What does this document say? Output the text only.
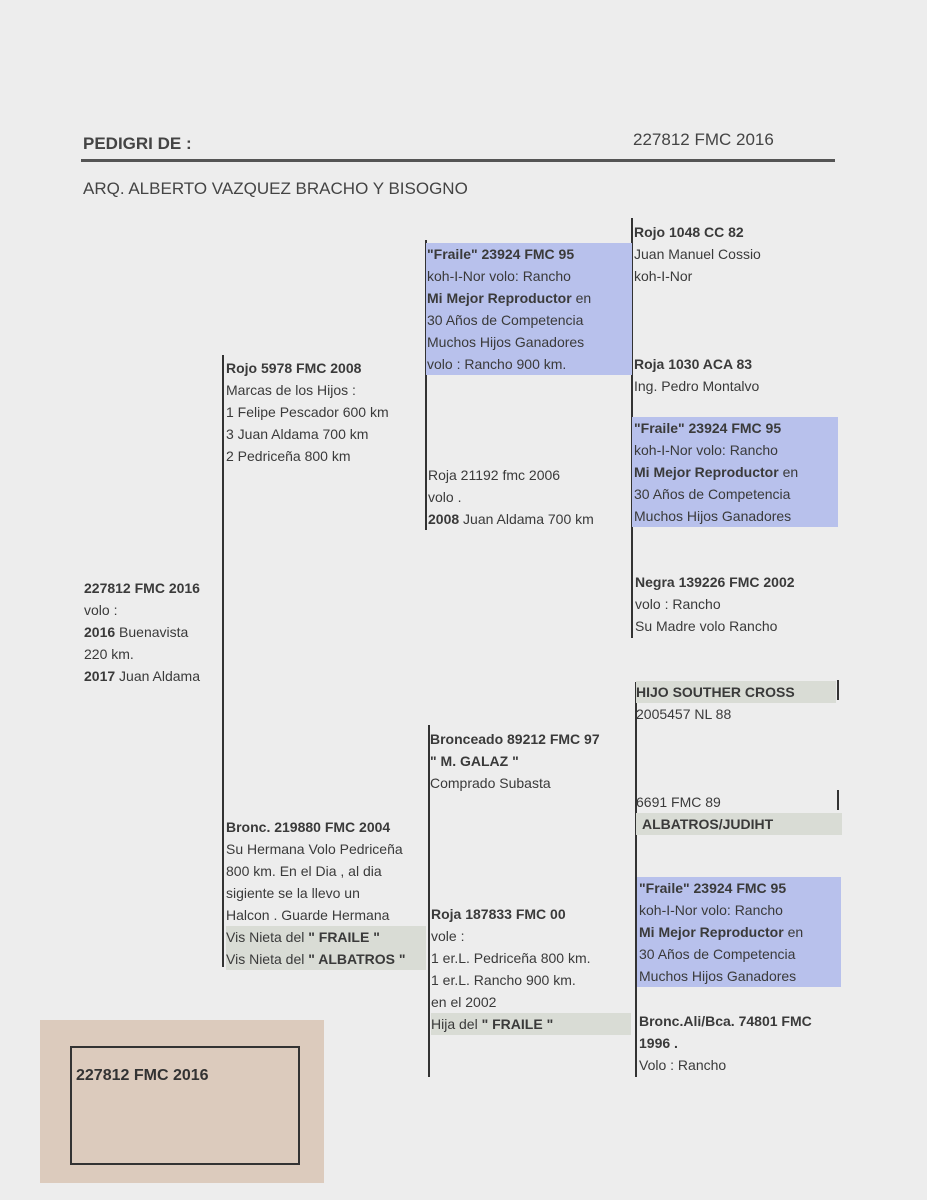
PEDIGRI DE :	227812 FMC 2016
ARQ. ALBERTO VAZQUEZ BRACHO Y BISOGNO
227812 FMC 2016
volo :
2016 Buenavista
220 km.
2017 Juan Aldama
Rojo 5978 FMC 2008
Marcas de los Hijos :
1 Felipe Pescador 600 km
3 Juan Aldama 700 km
2 Pedriceña 800 km
Bronc. 219880 FMC 2004
Su Hermana Volo Pedriceña
800 km. En el Dia , al dia
sigiente se la llevo un
Halcon . Guarde Hermana
Vis Nieta del " FRAILE "
Vis Nieta del " ALBATROS "
"Fraile" 23924 FMC 95
koh-I-Nor volo: Rancho
Mi Mejor Reproductor en
30 Años de Competencia
Muchos Hijos Ganadores
volo : Rancho 900 km.
Roja 21192 fmc 2006
volo .
2008 Juan Aldama 700 km
Bronceado 89212 FMC 97
" M. GALAZ "
Comprado Subasta
Roja 187833 FMC 00
vole :
1 er.L. Pedriceña 800 km.
1 er.L. Rancho 900 km.
en el 2002
Hija del " FRAILE "
Rojo 1048 CC 82
Juan Manuel Cossio
koh-I-Nor
Roja 1030 ACA 83
Ing. Pedro Montalvo
"Fraile" 23924 FMC 95
koh-I-Nor volo: Rancho
Mi Mejor Reproductor en
30 Años de Competencia
Muchos Hijos Ganadores
Negra 139226 FMC 2002
volo : Rancho
Su Madre volo Rancho
HIJO SOUTHER CROSS
2005457 NL 88
6691 FMC 89
ALBATROS/JUDIHT
"Fraile" 23924 FMC 95
koh-I-Nor volo: Rancho
Mi Mejor Reproductor en
30 Años de Competencia
Muchos Hijos Ganadores
Bronc.Ali/Bca. 74801 FMC
1996 .
Volo : Rancho
227812 FMC 2016
